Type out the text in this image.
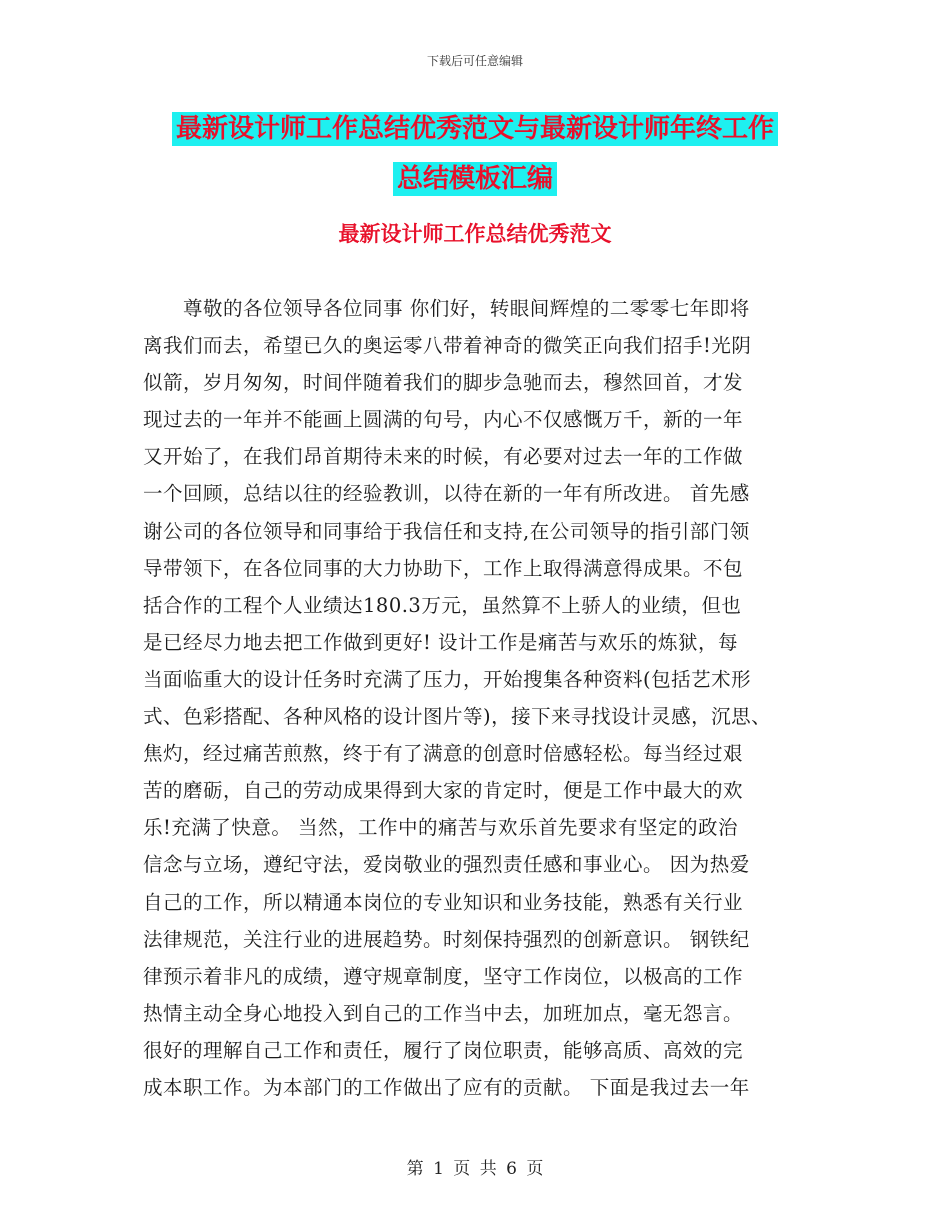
下载后可任意编辑
最新设计师工作总结优秀范文与最新设计师年终工作
总结模板汇编
最新设计师工作总结优秀范文
　　尊敬的各位领导各位同事 你们好，转眼间辉煌的二零零七年即将
离我们而去，希望已久的奥运零八带着神奇的微笑正向我们招手!光阴
似箭，岁月匆匆，时间伴随着我们的脚步急驰而去，穆然回首，才发
现过去的一年并不能画上圆满的句号，内心不仅感慨万千，新的一年
又开始了，在我们昂首期待未来的时候，有必要对过去一年的工作做
一个回顾，总结以往的经验教训，以待在新的一年有所改进。 首先感
谢公司的各位领导和同事给于我信任和支持,在公司领导的指引部门领
导带领下，在各位同事的大力协助下，工作上取得满意得成果。不包
括合作的工程个人业绩达180.3万元，虽然算不上骄人的业绩，但也
是已经尽力地去把工作做到更好! 设计工作是痛苦与欢乐的炼狱，每
当面临重大的设计任务时充满了压力，开始搜集各种资料(包括艺术形
式、色彩搭配、各种风格的设计图片等)，接下来寻找设计灵感，沉思、
焦灼，经过痛苦煎熬，终于有了满意的创意时倍感轻松。每当经过艰
苦的磨砺，自己的劳动成果得到大家的肯定时，便是工作中最大的欢
乐!充满了快意。 当然，工作中的痛苦与欢乐首先要求有坚定的政治
信念与立场，遵纪守法，爱岗敬业的强烈责任感和事业心。 因为热爱
自己的工作，所以精通本岗位的专业知识和业务技能，熟悉有关行业
法律规范，关注行业的进展趋势。时刻保持强烈的创新意识。 钢铁纪
律预示着非凡的成绩，遵守规章制度，坚守工作岗位，以极高的工作
热情主动全身心地投入到自己的工作当中去，加班加点，毫无怨言。
很好的理解自己工作和责任，履行了岗位职责，能够高质、高效的完
成本职工作。为本部门的工作做出了应有的贡献。 下面是我过去一年
第 1 页 共 6 页
